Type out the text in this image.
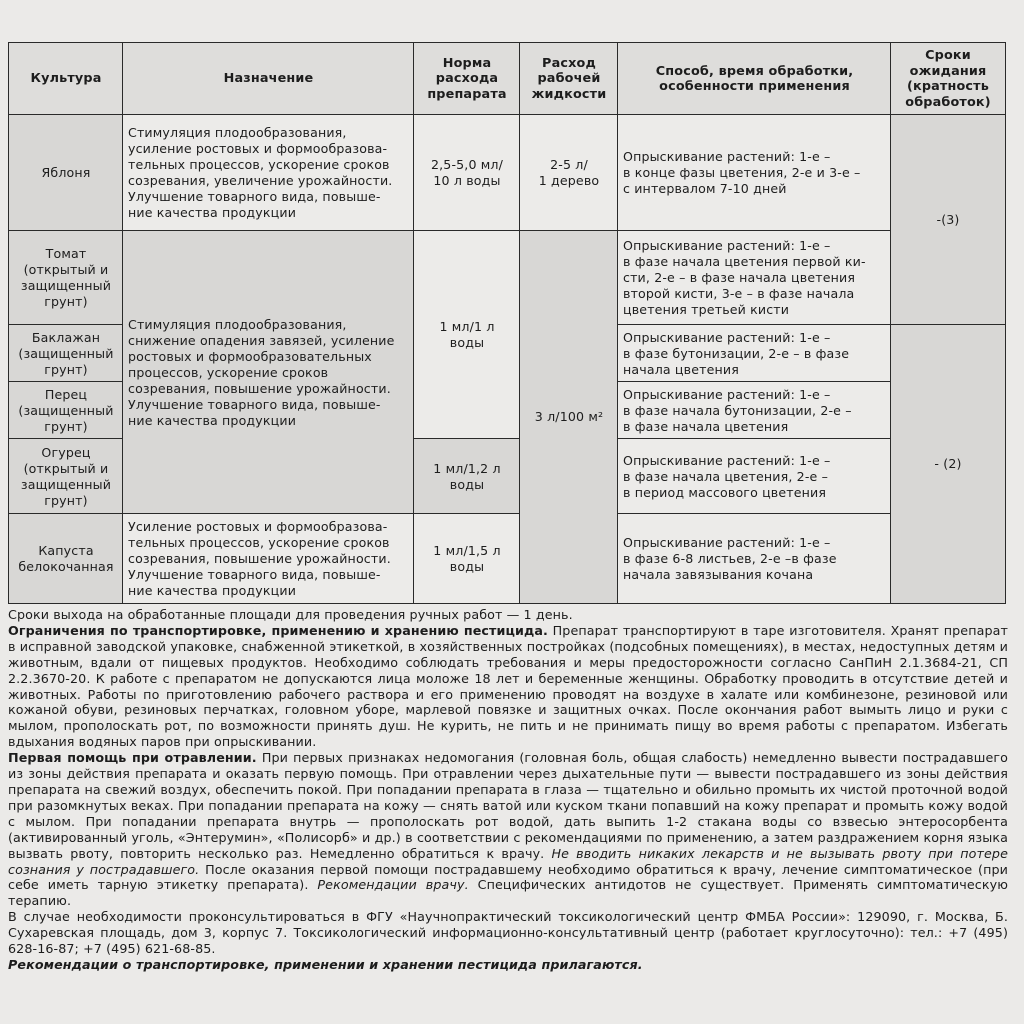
Культура	Назначение
Норма
расхода
препарата
Расход
рабочей
жидкости
Способ, время обработки,
особенности применения
Сроки
ожидания
(кратность
обработок)
Яблоня
Томат
(открытый и
защищенный
грунт)
Баклажан
(защищенный
грунт)
Перец
(защищенный
грунт)
Огурец
(открытый и
защищенный
грунт)
Капуста
белокочанная
Стимуляция плодообразования,
усиление ростовых и формообразова-
тельных процессов, ускорение сроков
созревания, увеличение урожайности.
Улучшение товарного вида, повыше-
ние качества продукции
Стимуляция плодообразования,
снижение опадения завязей, усиление
ростовых и формообразовательных
процессов, ускорение сроков
созревания, повышение урожайности.
Улучшение товарного вида, повыше-
ние качества продукции
Усиление ростовых и формообразова-
тельных процессов, ускорение сроков
созревания, повышение урожайности.
Улучшение товарного вида, повыше-
ние качества продукции
2,5-5,0 мл/
10 л воды
1 мл/1 л
воды
1 мл/1,2 л
воды
1 мл/1,5 л
воды
2-5 л/
1 дерево
3 л/100 м²
Опрыскивание растений: 1-е –
в конце фазы цветения, 2-е и 3-е –
с интервалом 7-10 дней
Опрыскивание растений: 1-е –
в фазе начала цветения первой ки-
сти, 2-е – в фазе начала цветения
второй кисти, 3-е – в фазе начала
цветения третьей кисти
Опрыскивание растений: 1-е –
в фазе бутонизации, 2-е – в фазе
начала цветения
Опрыскивание растений: 1-е –
в фазе начала бутонизации, 2-е –
в фазе начала цветения
Опрыскивание растений: 1-е –
в фазе начала цветения, 2-е –
в период массового цветения
Опрыскивание растений: 1-е –
в фазе 6-8 листьев, 2-е –в фазе
начала завязывания кочана
-(3)
- (2)

Сроки выхода на обработанные площади для проведения ручных работ — 1 день.

Ограничения по транспортировке, применению и хранению пестицида. Препарат транспортируют в таре изготовителя. Хранят препарат в исправной заводской упаковке, снабженной этикеткой, в хозяйственных постройках (подсобных помещениях), в местах, недоступных детям и животным, вдали от пищевых продуктов. Необходимо соблюдать требования и меры предосторожности согласно СанПиН 2.1.3684-21, СП 2.2.3670-20. К работе с препаратом не допускаются лица моложе 18 лет и беременные женщины. Обработку проводить в отсутствие детей и животных. Работы по приготовлению рабочего раствора и его применению проводят на воздухе в халате или комбинезоне, резиновой или кожаной обуви, резиновых перчатках, головном уборе, марлевой повязке и защитных очках. После окончания работ вымыть лицо и руки с мылом, прополоскать рот, по возможности принять душ. Не курить, не пить и не принимать пищу во время работы с препаратом. Избегать вдыхания водяных паров при опрыскивании.

Первая помощь при отравлении. При первых признаках недомогания (головная боль, общая слабость) немедленно вывести пострадавшего из зоны действия препарата и оказать первую помощь. При отравлении через дыхательные пути — вывести пострадавшего из зоны действия препарата на свежий воздух, обеспечить покой. При попадании препарата в глаза — тщательно и обильно промыть их чистой проточной водой при разомкнутых веках. При попадании препарата на кожу — снять ватой или куском ткани попавший на кожу препарат и промыть кожу водой с мылом. При попадании препарата внутрь — прополоскать рот водой, дать выпить 1-2 стакана воды со взвесью энтеросорбента (активированный уголь, «Энтерумин», «Полисорб» и др.) в соответствии с рекомендациями по применению, а затем раздражением корня языка вызвать рвоту, повторить несколько раз. Немедленно обратиться к врачу. Не вводить никаких лекарств и не вызывать рвоту при потере сознания у пострадавшего. После оказания первой помощи пострадавшему необходимо обратиться к врачу, лечение симптоматическое (при себе иметь тарную этикетку препарата). Рекомендации врачу. Специфических антидотов не существует. Применять симптоматическую терапию.

В случае необходимости проконсультироваться в ФГУ «Научнопрактический токсикологический центр ФМБА России»: 129090, г. Москва, Б. Сухаревская площадь, дом 3, корпус 7. Токсикологический информационно-консультативный центр (работает круглосуточно): тел.: +7 (495) 628-16-87; +7 (495) 621-68-85.

Рекомендации о транспортировке, применении и хранении пестицида прилагаются.
